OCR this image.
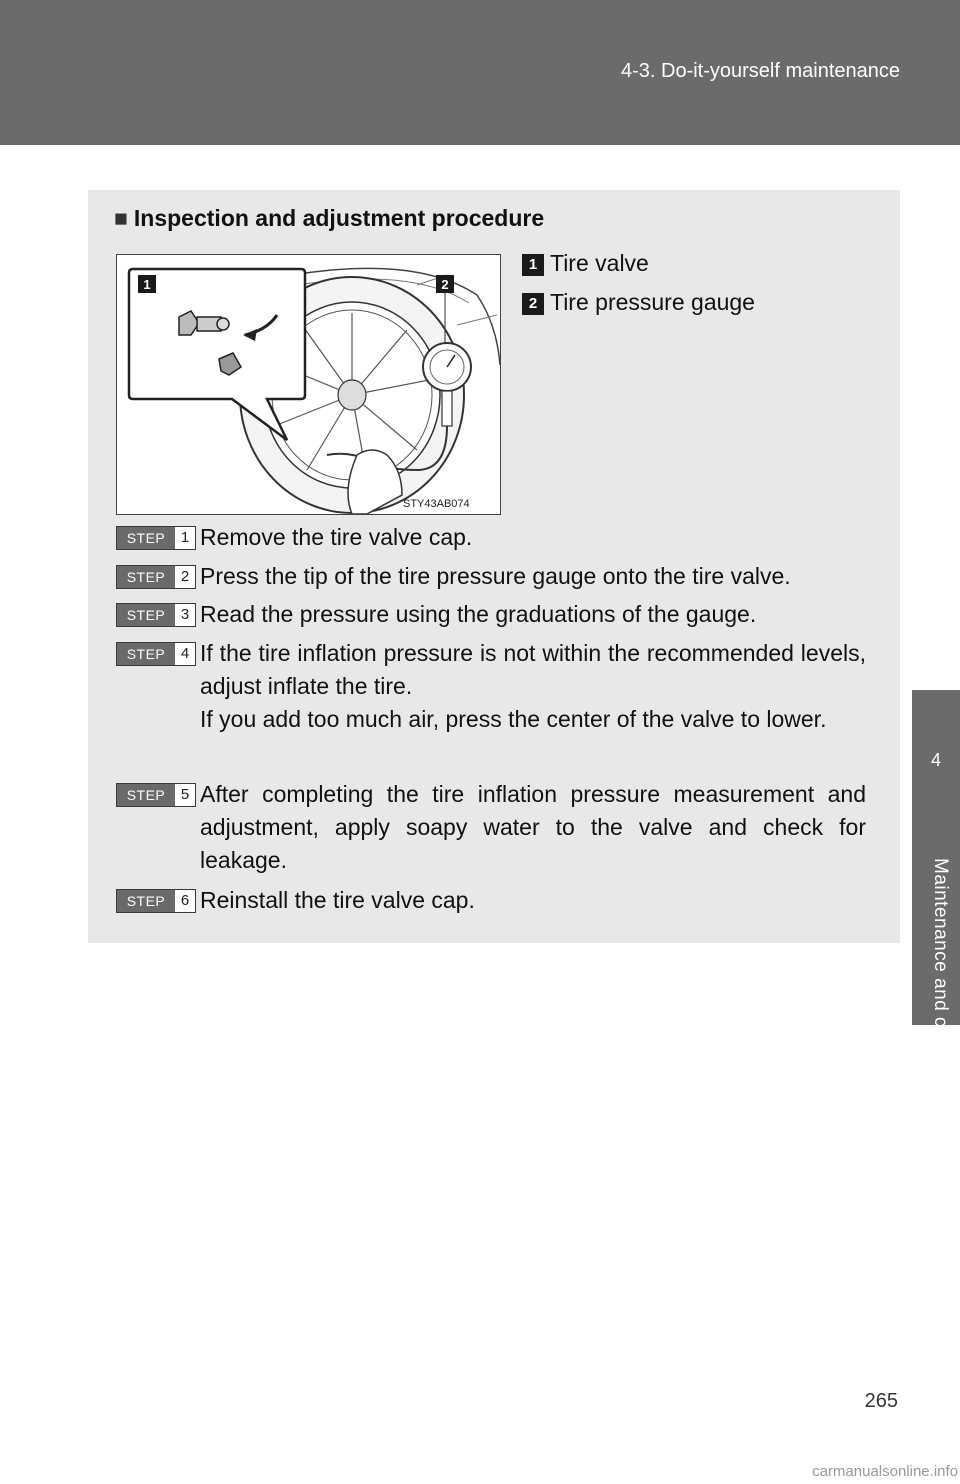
4-3. Do-it-yourself maintenance
4
Maintenance and care
■ Inspection and adjustment procedure
1	2
STY43AB074
1 Tire valve
2 Tire pressure gauge
STEP	1 Remove the tire valve cap.

STEP	2 Press the tip of the tire pressure gauge onto the tire valve.

STEP	3 Read the pressure using the graduations of the gauge.

STEP	4 If the tire inflation pressure is not within the recommended levels, adjust inflate the tire.

If you add too much air, press the center of the valve to lower.

STEP	5 After completing the tire inflation pressure measurement and adjustment, apply soapy water to the valve and check for leakage.

STEP	6 Reinstall the tire valve cap.

265
carmanualsonline.info
